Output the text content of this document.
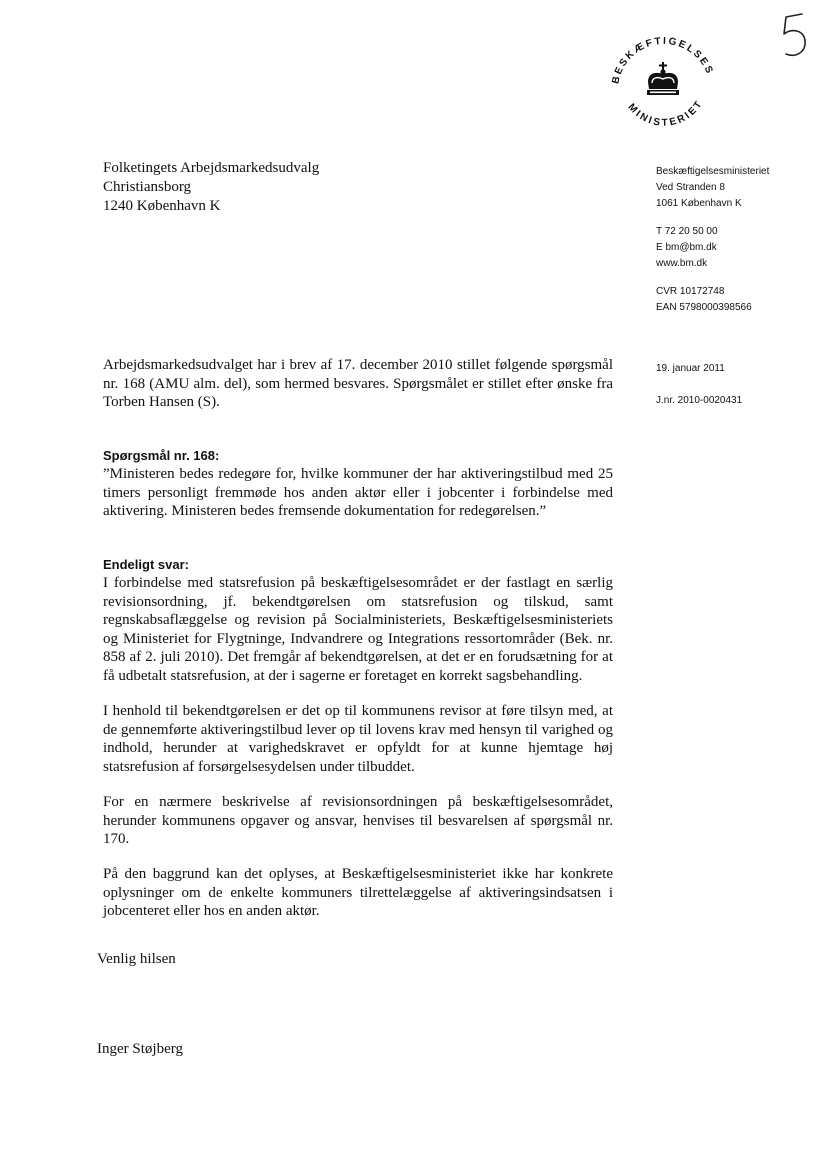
BESKÆFTIGELSES
MINISTERIET
Folketingets Arbejdsmarkedsudvalg
Christiansborg
1240 København K
Beskæftigelsesministeriet
Ved Stranden 8
1061 København K
T 72 20 50 00
E bm@bm.dk
www.bm.dk
CVR 10172748
EAN 5798000398566
19. januar 2011
J.nr. 2010-0020431

Arbejdsmarkedsudvalget har i brev af 17. december 2010 stillet følgende spørgsmål nr. 168 (AMU alm. del), som hermed besvares. Spørgsmålet er stillet efter ønske fra Torben Hansen (S).

Spørgsmål nr. 168:

”Ministeren bedes redegøre for, hvilke kommuner der har aktiveringstilbud med 25 timers personligt fremmøde hos anden aktør eller i jobcenter i forbindelse med aktivering. Ministeren bedes fremsende dokumentation for redegørelsen.”

Endeligt svar:

I forbindelse med statsrefusion på beskæftigelsesområdet er der fastlagt en særlig revisionsordning, jf. bekendtgørelsen om statsrefusion og tilskud, samt regnskabsaflæggelse og revision på Socialministeriets, Beskæftigelsesministeriets og Ministeriet for Flygtninge, Indvandrere og Integrations ressortområder (Bek. nr. 858 af 2. juli 2010). Det fremgår af bekendtgørelsen, at det er en forudsætning for at få udbetalt statsrefusion, at der i sagerne er foretaget en korrekt sagsbehandling.

I henhold til bekendtgørelsen er det op til kommunens revisor at føre tilsyn med, at de gennemførte aktiveringstilbud lever op til lovens krav med hensyn til varighed og indhold, herunder at varighedskravet er opfyldt for at kunne hjemtage høj statsrefusion af forsørgelsesydelsen under tilbuddet.

For en nærmere beskrivelse af revisionsordningen på beskæftigelsesområdet, herunder kommunens opgaver og ansvar, henvises til besvarelsen af spørgsmål nr. 170.

På den baggrund kan det oplyses, at Beskæftigelsesministeriet ikke har konkrete oplysninger om de enkelte kommuners tilrettelæggelse af aktiveringsindsatsen i jobcenteret eller hos en anden aktør.

Venlig hilsen
Inger Støjberg
